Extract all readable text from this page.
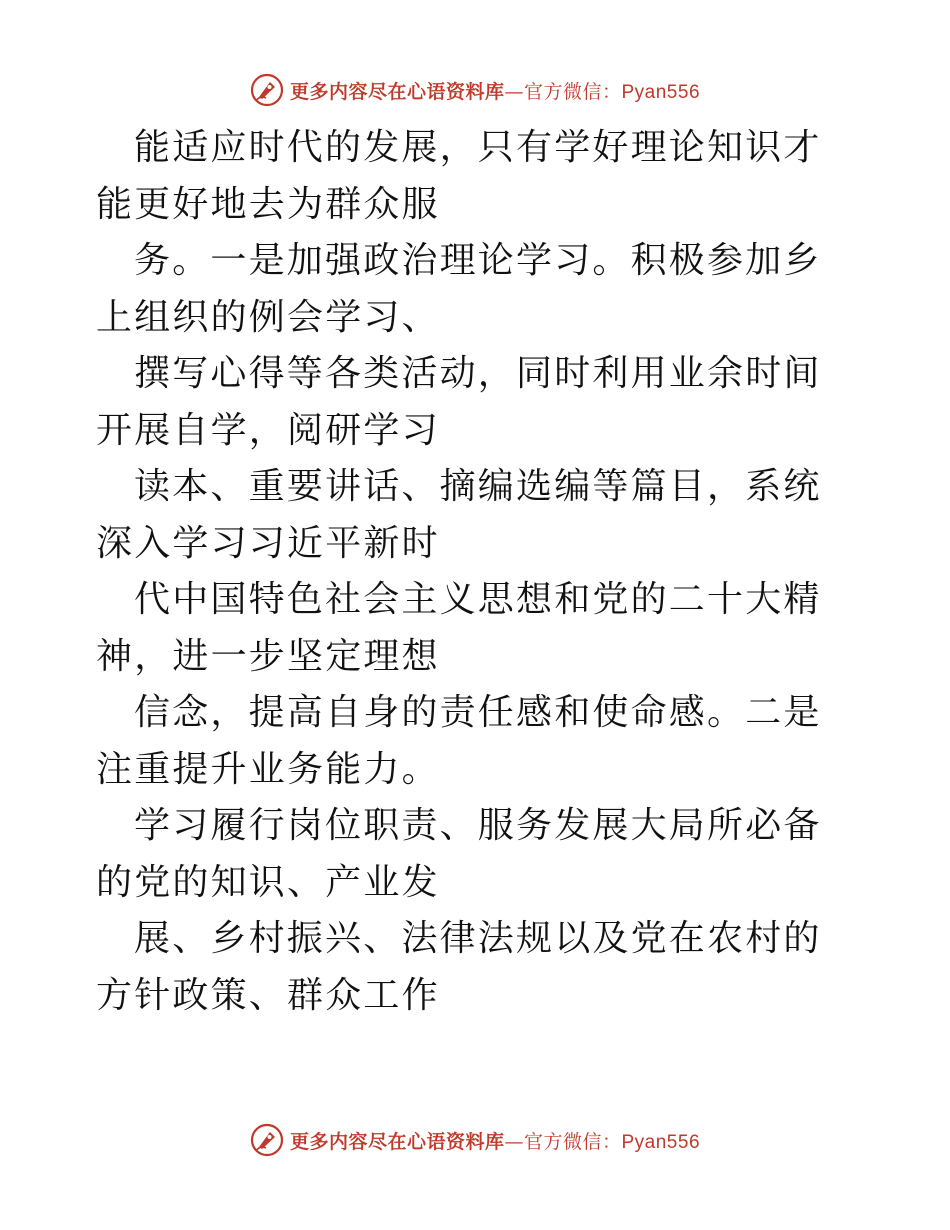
更多内容尽在心语资料库—官方微信：Pyan556

能适应时代的发展，只有学好理论知识才能更好地去为群众服

务。一是加强政治理论学习。积极参加乡上组织的例会学习、

撰写心得等各类活动，同时利用业余时间开展自学，阅研学习

读本、重要讲话、摘编选编等篇目，系统深入学习习近平新时

代中国特色社会主义思想和党的二十大精神，进一步坚定理想

信念，提高自身的责任感和使命感。二是注重提升业务能力。

学习履行岗位职责、服务发展大局所必备的党的知识、产业发

展、乡村振兴、法律法规以及党在农村的方针政策、群众工作

更多内容尽在心语资料库—官方微信：Pyan556
